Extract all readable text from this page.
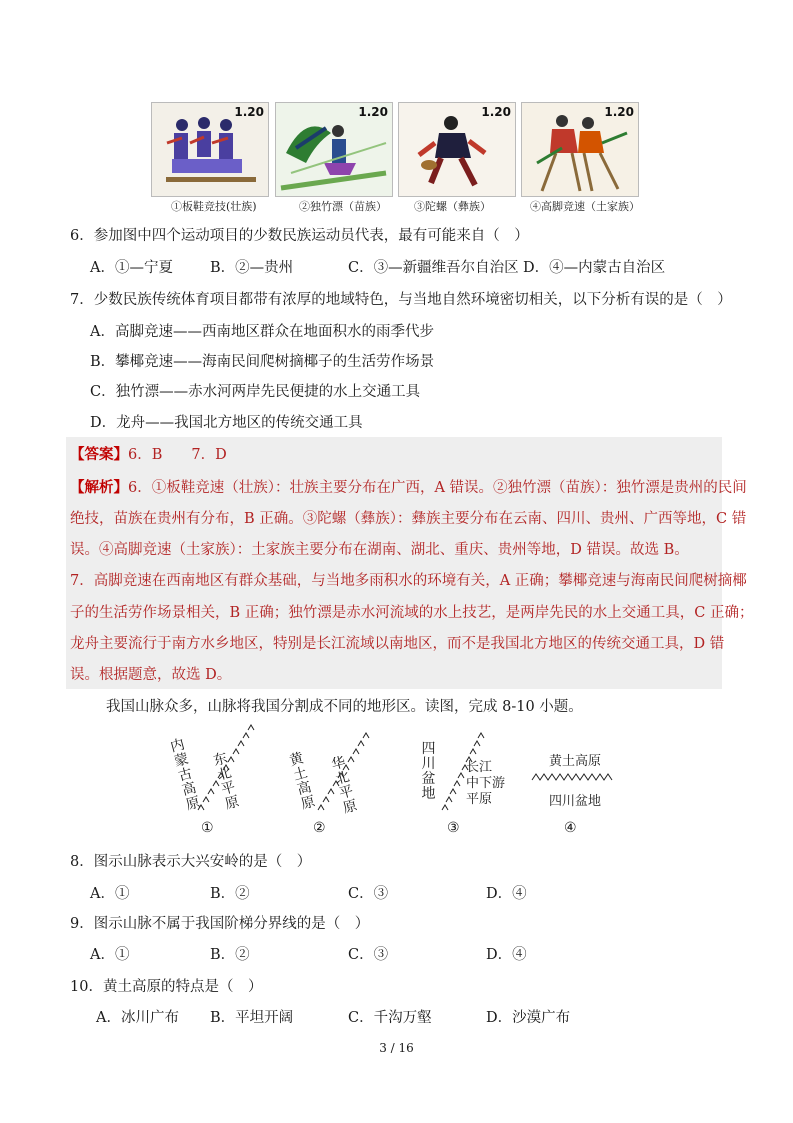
1.20	1.20	1.20	1.20
①板鞋竞技(壮族)	②独竹漂（苗族） ③陀螺（彝族）	④高脚竞速（土家族）
6．参加图中四个运动项目的少数民族运动员代表，最有可能来自（　）
A．①—宁夏	B．②—贵州	C．③—新疆维吾尔自治区 D．④—内蒙古自治区
7．少数民族传统体育项目都带有浓厚的地域特色，与当地自然环境密切相关，以下分析有误的是（　）
A．高脚竞速——西南地区群众在地面积水的雨季代步
B．攀椰竞速——海南民间爬树摘椰子的生活劳作场景
C．独竹漂——赤水河两岸先民便捷的水上交通工具
D．龙舟——我国北方地区的传统交通工具
【答案】6．B　　7．D
【解析】6．①板鞋竞速（壮族）：壮族主要分布在广西，A 错误。②独竹漂（苗族）：独竹漂是贵州的民间
绝技，苗族在贵州有分布，B 正确。③陀螺（彝族）：彝族主要分布在云南、四川、贵州、广西等地，C 错
误。④高脚竞速（土家族）：土家族主要分布在湖南、湖北、重庆、贵州等地，D 错误。故选 B。
7．高脚竞速在西南地区有群众基础，与当地多雨积水的环境有关，A 正确；攀椰竞速与海南民间爬树摘椰
子的生活劳作场景相关，B 正确；独竹漂是赤水河流域的水上技艺，是两岸先民的水上交通工具，C 正确；
龙舟主要流行于南方水乡地区，特别是长江流域以南地区，而不是我国北方地区的传统交通工具，D 错
误。根据题意，故选 D。
我国山脉众多，山脉将我国分割成不同的地形区。读图，完成 8-10 小题。
内蒙古高原
东北平原
黄土高原
华北平原
四川盆地
长江
中下游
平原
黄土高原
四川盆地
①	②	③	④
8．图示山脉表示大兴安岭的是（　）
A．①	B．②	C．③	D．④
9．图示山脉不属于我国阶梯分界线的是（　）
A．①	B．②	C．③	D．④
10．黄土高原的特点是（　）
A．冰川广布 B．平坦开阔	C．千沟万壑	D．沙漠广布
3 / 16
